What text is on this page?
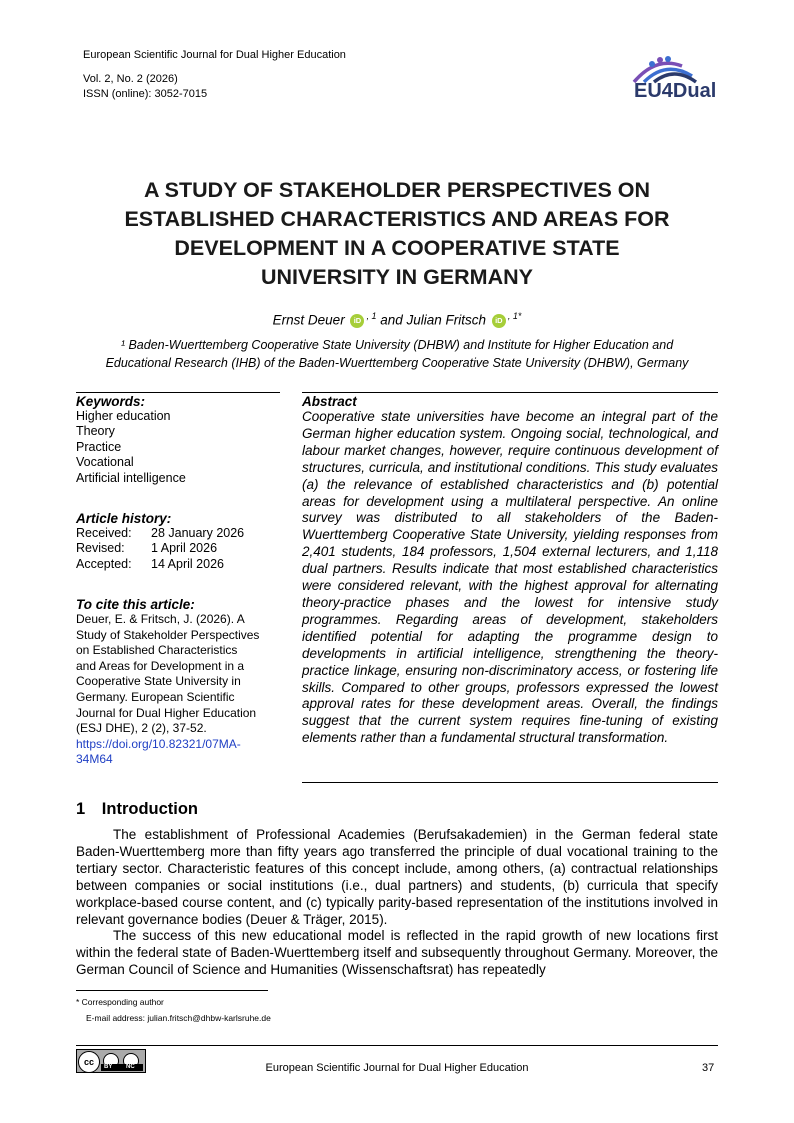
European Scientific Journal for Dual Higher Education
Vol. 2, No. 2 (2026)
ISSN (online): 3052-7015	EU4Dual
A STUDY OF STAKEHOLDER PERSPECTIVES ON
ESTABLISHED CHARACTERISTICS AND AREAS FOR
DEVELOPMENT IN A COOPERATIVE STATE
UNIVERSITY IN GERMANY
Ernst Deuer iD $^{, 1}$ and Julian Fritsch iD $^{, 1*}$
¹ Baden-Wuerttemberg Cooperative State University (DHBW) and Institute for Higher Education and
Educational Research (IHB) of the Baden-Wuerttemberg Cooperative State University (DHBW), Germany
Keywords:
Higher education
Theory
Practice
Vocational
Artificial intelligence
Article history:
Received: 28 January 2026
Revised: 1 April 2026
Accepted: 14 April 2026
To cite this article:
Deuer, E. & Fritsch, J. (2026). A
Study of Stakeholder Perspectives
on Established Characteristics
and Areas for Development in a
Cooperative State University in
Germany. European Scientific
Journal for Dual Higher Education
(ESJ DHE), 2 (2), 37-52.
https://doi.org/10.82321/07MA-
34M64
Abstract
Cooperative state universities have become an integral part of the German higher education system. Ongoing social, technological, and labour market changes, however, require continuous development of structures, curricula, and institutional conditions. This study evaluates (a) the relevance of established characteristics and (b) potential areas for development using a multilateral perspective. An online survey was distributed to all stakeholders of the Baden-Wuerttemberg Cooperative State University, yielding responses from 2,401 students, 184 professors, 1,504 external lecturers, and 1,118 dual partners. Results indicate that most established characteristics were considered relevant, with the highest approval for alternating theory-practice phases and the lowest for intensive study programmes. Regarding areas of development, stakeholders identified potential for adapting the programme design to developments in artificial intelligence, strengthening the theory-practice linkage, ensuring non-discriminatory access, or fostering life skills. Compared to other groups, professors expressed the lowest approval rates for these development areas. Overall, the findings suggest that the current system requires fine-tuning of existing elements rather than a fundamental structural transformation.
1 Introduction

The establishment of Professional Academies (Berufsakademien) in the German federal state Baden-Wuerttemberg more than fifty years ago transferred the principle of dual vocational training to the tertiary sector. Characteristic features of this concept include, among others, (a) contractual relationships between companies or social institutions (i.e., dual partners) and students, (b) curricula that specify workplace-based course content, and (c) typically parity-based representation of the institutions involved in relevant governance bodies (Deuer & Träger, 2015).

The success of this new educational model is reflected in the rapid growth of new locations first within the federal state of Baden-Wuerttemberg itself and subsequently throughout Germany. Moreover, the German Council of Science and Humanities (Wissenschaftsrat) has repeatedly

* Corresponding author
E-mail address: julian.fritsch@dhbw-karlsruhe.de
cc	BY NC	European Scientific Journal for Dual Higher Education	37
